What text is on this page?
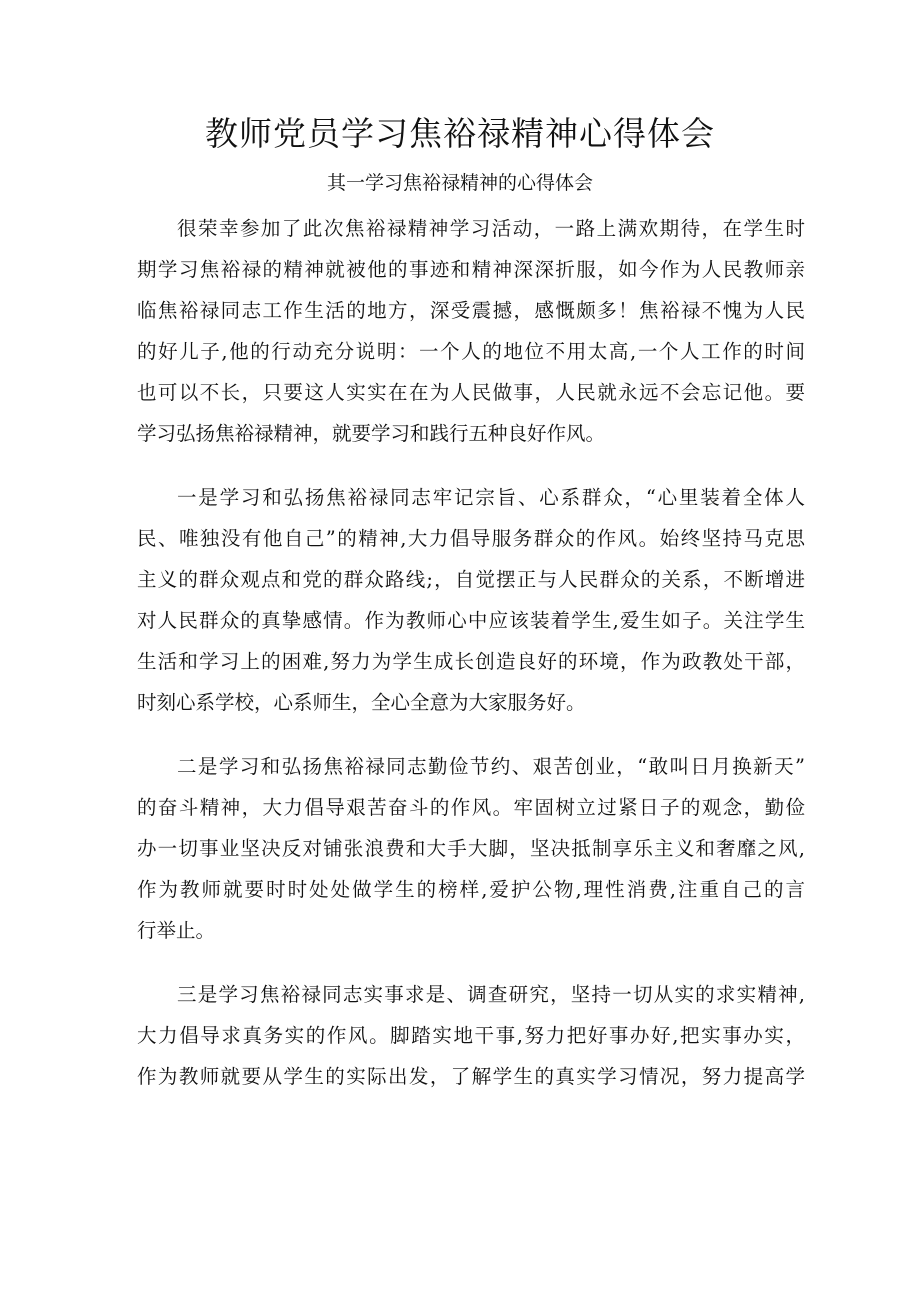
教师党员学习焦裕禄精神心得体会
其一学习焦裕禄精神的心得体会
很荣幸参加了此次焦裕禄精神学习活动，一路上满欢期待，在学生时
期学习焦裕禄的精神就被他的事迹和精神深深折服，如今作为人民教师亲
临焦裕禄同志工作生活的地方，深受震撼，感慨颇多！焦裕禄不愧为人民
的好儿子,他的行动充分说明：一个人的地位不用太高,一个人工作的时间
也可以不长，只要这人实实在在为人民做事，人民就永远不会忘记他。要
学习弘扬焦裕禄精神，就要学习和践行五种良好作风。
一是学习和弘扬焦裕禄同志牢记宗旨、心系群众，“心里装着全体人
民、唯独没有他自己”的精神,大力倡导服务群众的作风。始终坚持马克思
主义的群众观点和党的群众路线;，自觉摆正与人民群众的关系，不断增进
对人民群众的真挚感情。作为教师心中应该装着学生,爱生如子。关注学生
生活和学习上的困难,努力为学生成长创造良好的环境，作为政教处干部，
时刻心系学校，心系师生，全心全意为大家服务好。
二是学习和弘扬焦裕禄同志勤俭节约、艰苦创业，“敢叫日月换新天”
的奋斗精神，大力倡导艰苦奋斗的作风。牢固树立过紧日子的观念，勤俭
办一切事业坚决反对铺张浪费和大手大脚，坚决抵制享乐主义和奢靡之风,
作为教师就要时时处处做学生的榜样,爱护公物,理性消费,注重自己的言
行举止。
三是学习焦裕禄同志实事求是、调查研究，坚持一切从实的求实精神,
大力倡导求真务实的作风。脚踏实地干事,努力把好事办好,把实事办实，
作为教师就要从学生的实际出发，了解学生的真实学习情况，努力提高学
